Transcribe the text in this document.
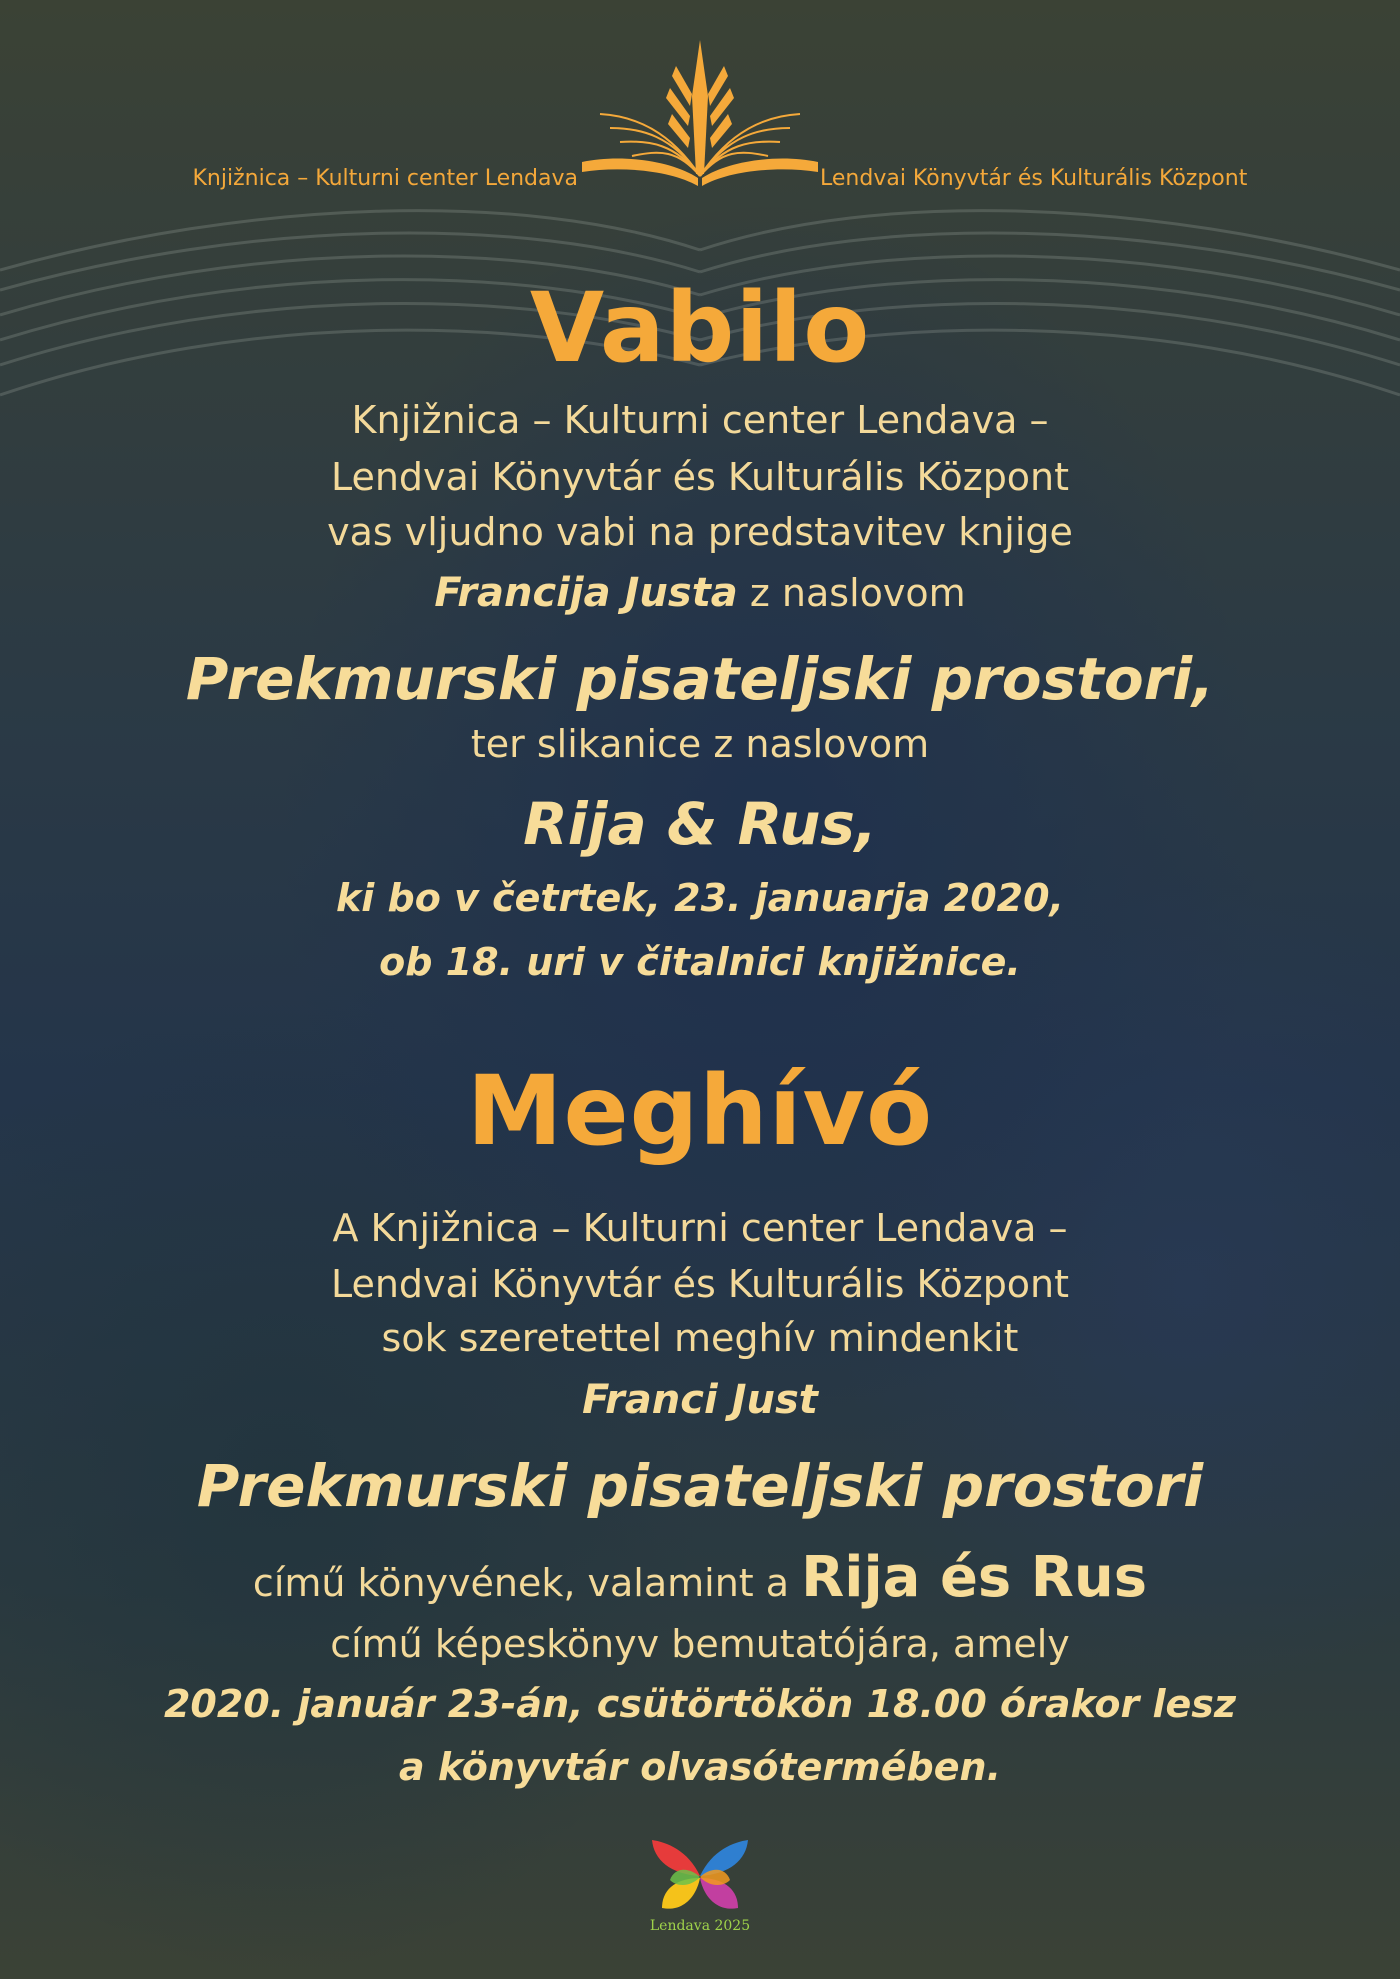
Knjižnica – Kulturni center Lendava	Lendvai Könyvtár és Kulturális Központ
Vabilo
Knjižnica – Kulturni center Lendava –
Lendvai Könyvtár és Kulturális Központ
vas vljudno vabi na predstavitev knjige
Francija Justa z naslovom
Prekmurski pisateljski prostori,
ter slikanice z naslovom
Rija & Rus,
ki bo v četrtek, 23. januarja 2020,
ob 18. uri v čitalnici knjižnice.
Meghívó
A Knjižnica – Kulturni center Lendava –
Lendvai Könyvtár és Kulturális Központ
sok szeretettel meghív mindenkit
Franci Just
Prekmurski pisateljski prostori
című könyvének, valamint a Rija és Rus
című képeskönyv bemutatójára, amely
2020. január 23-án, csütörtökön 18.00 órakor lesz
a könyvtár olvasótermében.
Lendava 2025
